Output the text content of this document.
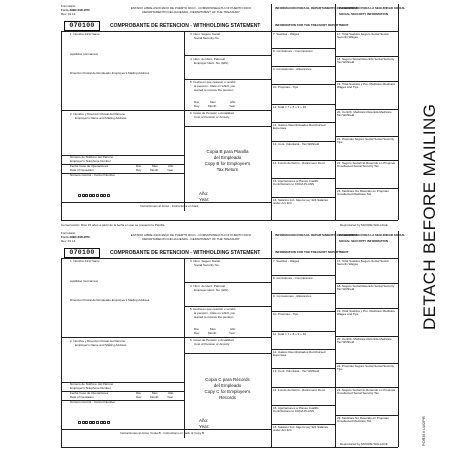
DETACH BEFORE MAILING
FORM # LW2PR
Formulario
Form 499R-2/W-2PR
Rev. 01.13
070100
ESTADO LIBRE ASOCIADO DE PUERTO RICO - COMMONWEALTH OF PUERTO RICO
DEPARTAMENTO DE HACIENDA - DEPARTMENT OF THE TREASURY
COMPROBANTE DE RETENCION - WITHHOLDING STATEMENT
INFORMACION PARA EL DEPARTAMENTO DE HACIENDA
INFORMACION PARA LA SEGURIDAD SOCIAL
SOCIAL SECURITY INFORMATION
INFORMATION FOR THE TREASURY DEPARTMENT
1. Nombre-First Name
Apellidos (surnames)
Dirección Postal del Empleado-Employee's Mailing Address
2. Nombre y Dirección Postal del Patrono
Employer's Name and Mailing Address
Número de Teléfono del Patrono
Employer's Telephone Number
Fecha Cese de Operaciones
Date of Cessation
Día	Mes	Año
Day	Month	Year
Número Control - Control Number
Instrucciones al dorso - Instructions on back
3. Núm. Seguro Social
Social Security No.
4. Núm. de Ident. Patronal
Employer Ident. No. (EIN)
5. Fecha en que cesaron o vendió
la pensión - Date on which you
started to receive the pension
Día	Mes	Año
Day	Month	Year
6. Costo de Pensión o Anualidad
Cost of Pension or Annuity
Copia B para Planilla
del Empleado
Copy B for Employee's
Tax Return
Año:
Year:
7. Sueldos - Wages
8. Comisiones - Commissions
9. Concesiones - Allowances
10. Propinas - Tips
11. Total = 7 + 8 + 9 + 10
12. Gastos Reembolsados Reimbursed Expenses
13. Cont. Voluntaria - Tax Withheld
14. Fondo de Retiro - Retirement Fund
15. Aportaciones a Planes Cualific. Contributions to CODA PLANS
16. Salarios Incl. bajo la Ley 324 Salaries under Act 324
17. Total Sueldos Seguro Social Social Security Wages
18. Seguro Social Retenido Social Security Tax Withheld
19. Total Sueldos y Pro. Medicare Medicare Wages and Tips
20. Contrib. Medicare Retenida Medicare Tax Withheld
21. Propinas Seguro Social Social Security Tips
22. Seguro Social No Retenido en Propinas Uncollected Social Security Tax
23. Medicare No Retenido en Propinas Uncollected Medicare Tax
Conservación: Dice 15 años a partir de la fecha en que se presentó la Planilla	Reproduced by MOORE WALLACE
Formulario
Form 499R-2/W-2PR
Rev. 01.13
070100
ESTADO LIBRE ASOCIADO DE PUERTO RICO - COMMONWEALTH OF PUERTO RICO
DEPARTAMENTO DE HACIENDA - DEPARTMENT OF THE TREASURY
COMPROBANTE DE RETENCION - WITHHOLDING STATEMENT
INFORMACION PARA EL DEPARTAMENTO DE HACIENDA
INFORMACION PARA LA SEGURIDAD SOCIAL
SOCIAL SECURITY INFORMATION
INFORMATION FOR THE TREASURY DEPARTMENT
1. Nombre-First Name
Apellidos (surnames)
Dirección Postal del Empleado-Employee's Mailing Address
2. Nombre y Dirección Postal del Patrono
Employer's Name and Mailing Address
Número de Teléfono del Patrono
Employer's Telephone Number
Fecha Cese de Operaciones
Date of Cessation
Día	Mes	Año
Day	Month	Year
Número Control - Control Number
Instrucciones al dorso Copia B - Instructions on back of Copy B
3. Núm. Seguro Social
Social Security No.
4. Núm. de Ident. Patronal
Employer Ident. No. (EIN)
5. Fecha en que cesaron o vendió
la pensión - Date on which you
started to receive the pension
Día	Mes	Año
Day	Month	Year
6. Costo de Pensión o Anualidad
Cost of Pension or Annuity
Copia C para Récords
del Empleado
Copy C for Employee's
Records
Año:
Year:
7. Sueldos - Wages
8. Comisiones - Commissions
9. Concesiones - Allowances
10. Propinas - Tips
11. Total = 7 + 8 + 9 + 10
12. Gastos Reembolsados Reimbursed Expenses
13. Cont. Voluntaria - Tax Withheld
14. Fondo de Retiro - Retirement Fund
15. Aportaciones a Planes Cualific. Contributions to CODA PLANS
16. Salarios Incl. bajo la Ley 324 Salaries under Act 324
17. Total Sueldos Seguro Social Social Security Wages
18. Seguro Social Retenido Social Security Tax Withheld
19. Total Sueldos y Pro. Medicare Medicare Wages and Tips
20. Contrib. Medicare Retenida Medicare Tax Withheld
21. Propinas Seguro Social Social Security Tips
22. Seguro Social No Retenido en Propinas Uncollected Social Security Tax
23. Medicare No Retenido en Propinas Uncollected Medicare Tax
Reproduced by MOORE WALLACE
